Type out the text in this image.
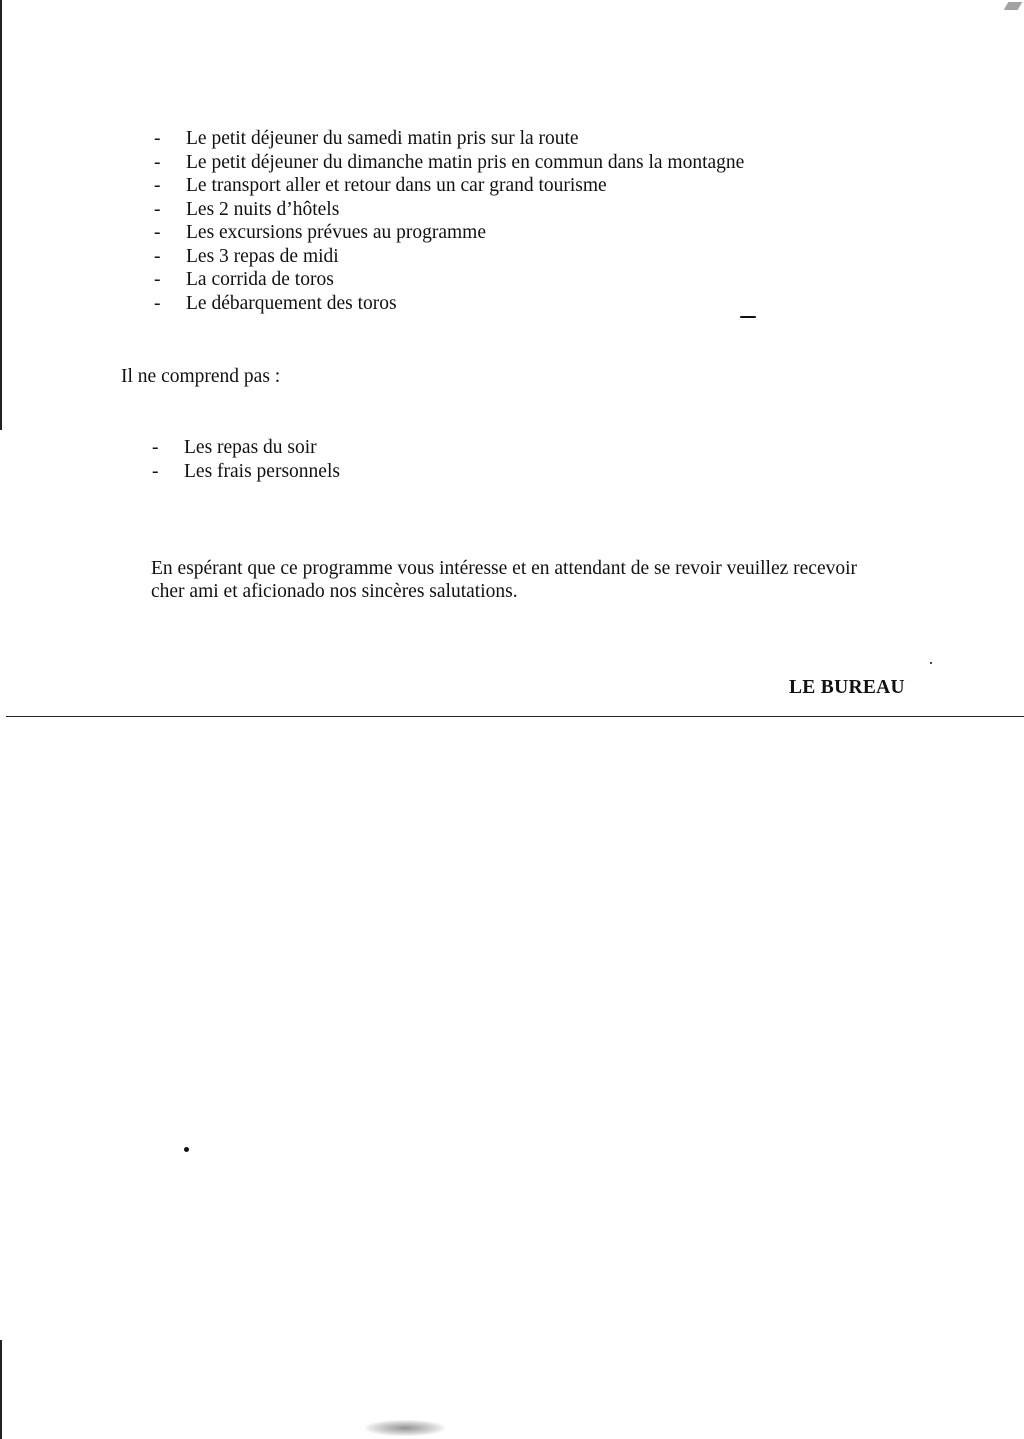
- Le petit déjeuner du samedi matin pris sur la route
- Le petit déjeuner du dimanche matin pris en commun dans la montagne
- Le transport aller et retour dans un car grand tourisme
- Les 2 nuits d’hôtels
- Les excursions prévues au programme
- Les 3 repas de midi
- La corrida de toros
- Le débarquement des toros
Il ne comprend pas :
- Les repas du soir
- Les frais personnels

En espérant que ce programme vous intéresse et en attendant de se revoir veuillez recevoir

cher ami et aficionado nos sincères salutations.

LE BUREAU
